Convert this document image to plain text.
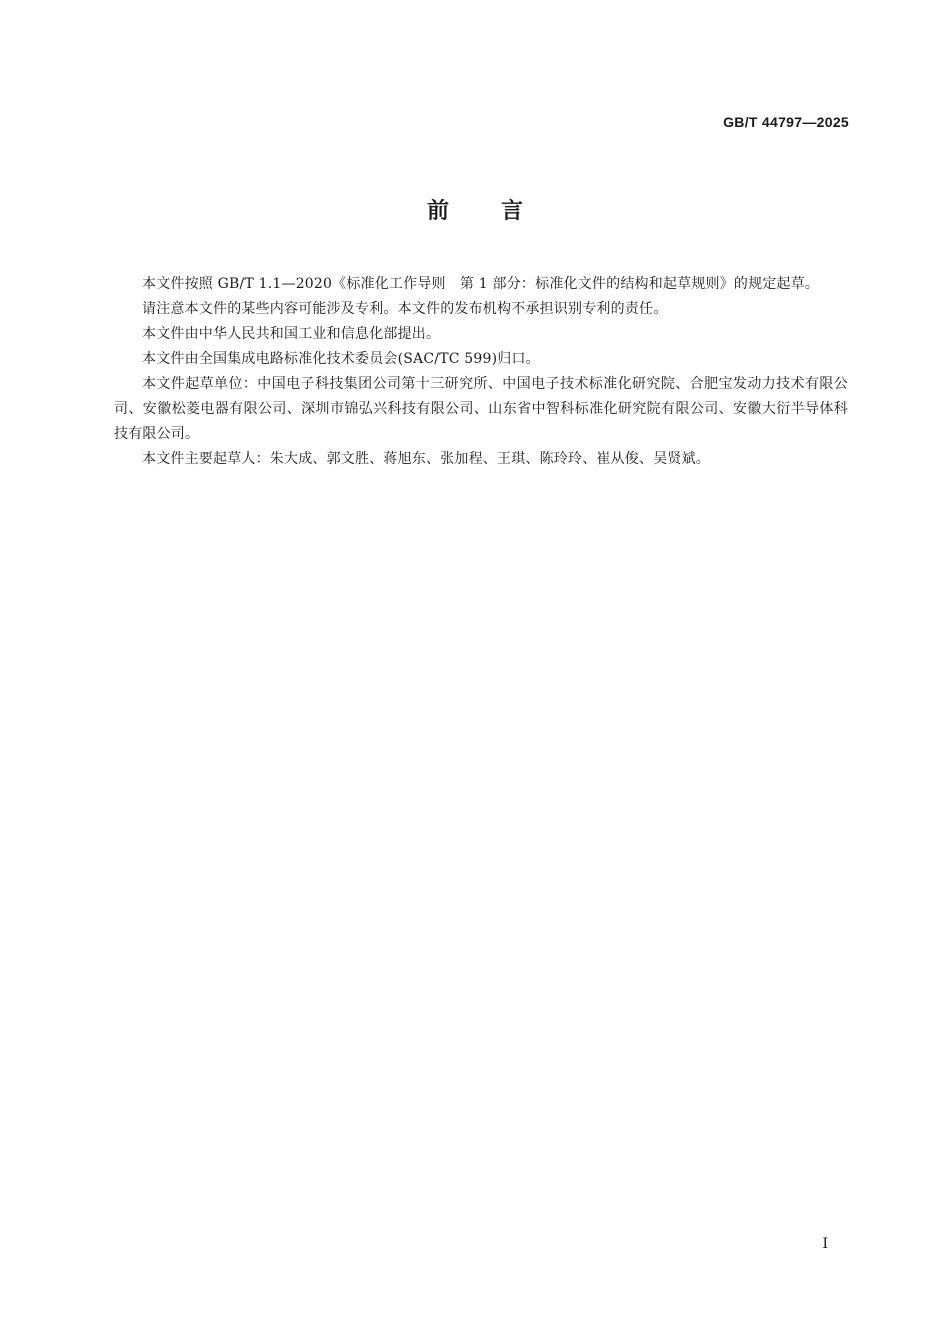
GB/T 44797—2025
前 言

本文件按照 GB/T 1.1—2020《标准化工作导则　第 1 部分：标准化文件的结构和起草规则》的规定起草。

请注意本文件的某些内容可能涉及专利。本文件的发布机构不承担识别专利的责任。

本文件由中华人民共和国工业和信息化部提出。

本文件由全国集成电路标准化技术委员会(SAC/TC 599)归口。

本文件起草单位：中国电子科技集团公司第十三研究所、中国电子技术标准化研究院、合肥宝发动力技术有限公司、安徽松菱电器有限公司、深圳市锦弘兴科技有限公司、山东省中智科标准化研究院有限公司、安徽大衍半导体科技有限公司。

本文件主要起草人：朱大成、郭文胜、蒋旭东、张加程、王琪、陈玲玲、崔从俊、吴贤斌。

I
